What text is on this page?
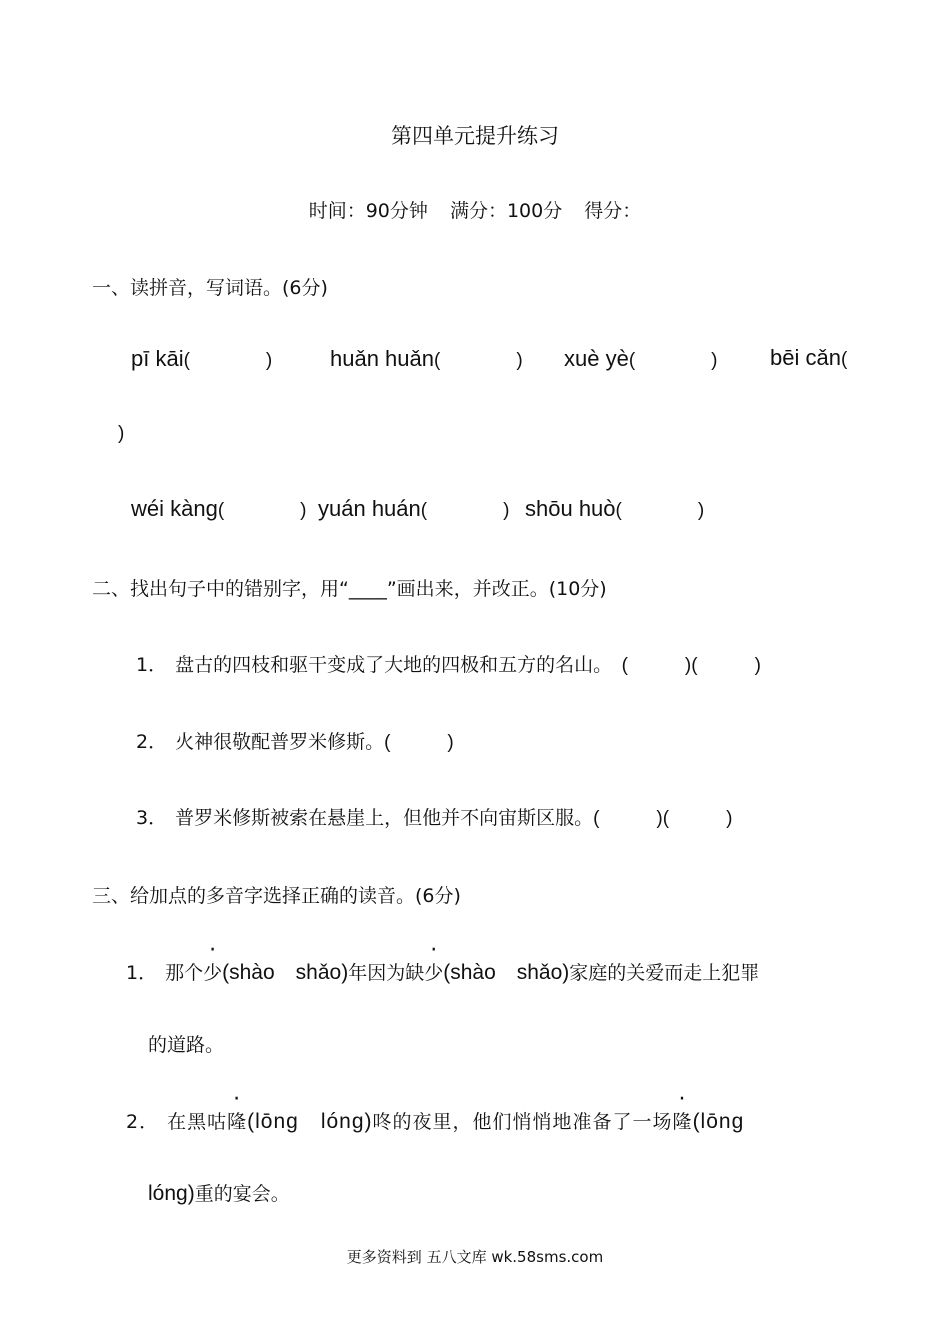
第四单元提升练习
时间：90分钟 满分：100分 得分：
一、读拼音，写词语。(6分)
pī kāi(　　　　)	huǎn huǎn(　　　　) xuè yè(　　　　) bēi cǎn(
)
wéi kàng(　　　　) yuán huán(　　　　) shōu huò(　　　　)
二、找出句子中的错别字，用“____”画出来，并改正。(10分)
1． 盘古的四枝和驱干变成了大地的四极和五方的名山。　(　　　)(　　　)
2． 火神很敬配普罗米修斯。(　　　)
3． 普罗米修斯被索在悬崖上，但他并不向宙斯区服。(　　　)(　　　)
三、给加点的多音字选择正确的读音。(6分)
1． 那个少(shào　shǎo)年因为缺少(shào　shǎo)家庭的关爱而走上犯罪
的道路。
2． 在黑咕隆(lōng　lóng)咚的夜里，他们悄悄地准备了一场隆(lōng
lóng)重的宴会。
更多资料到 五八文库 wk.58sms.com
